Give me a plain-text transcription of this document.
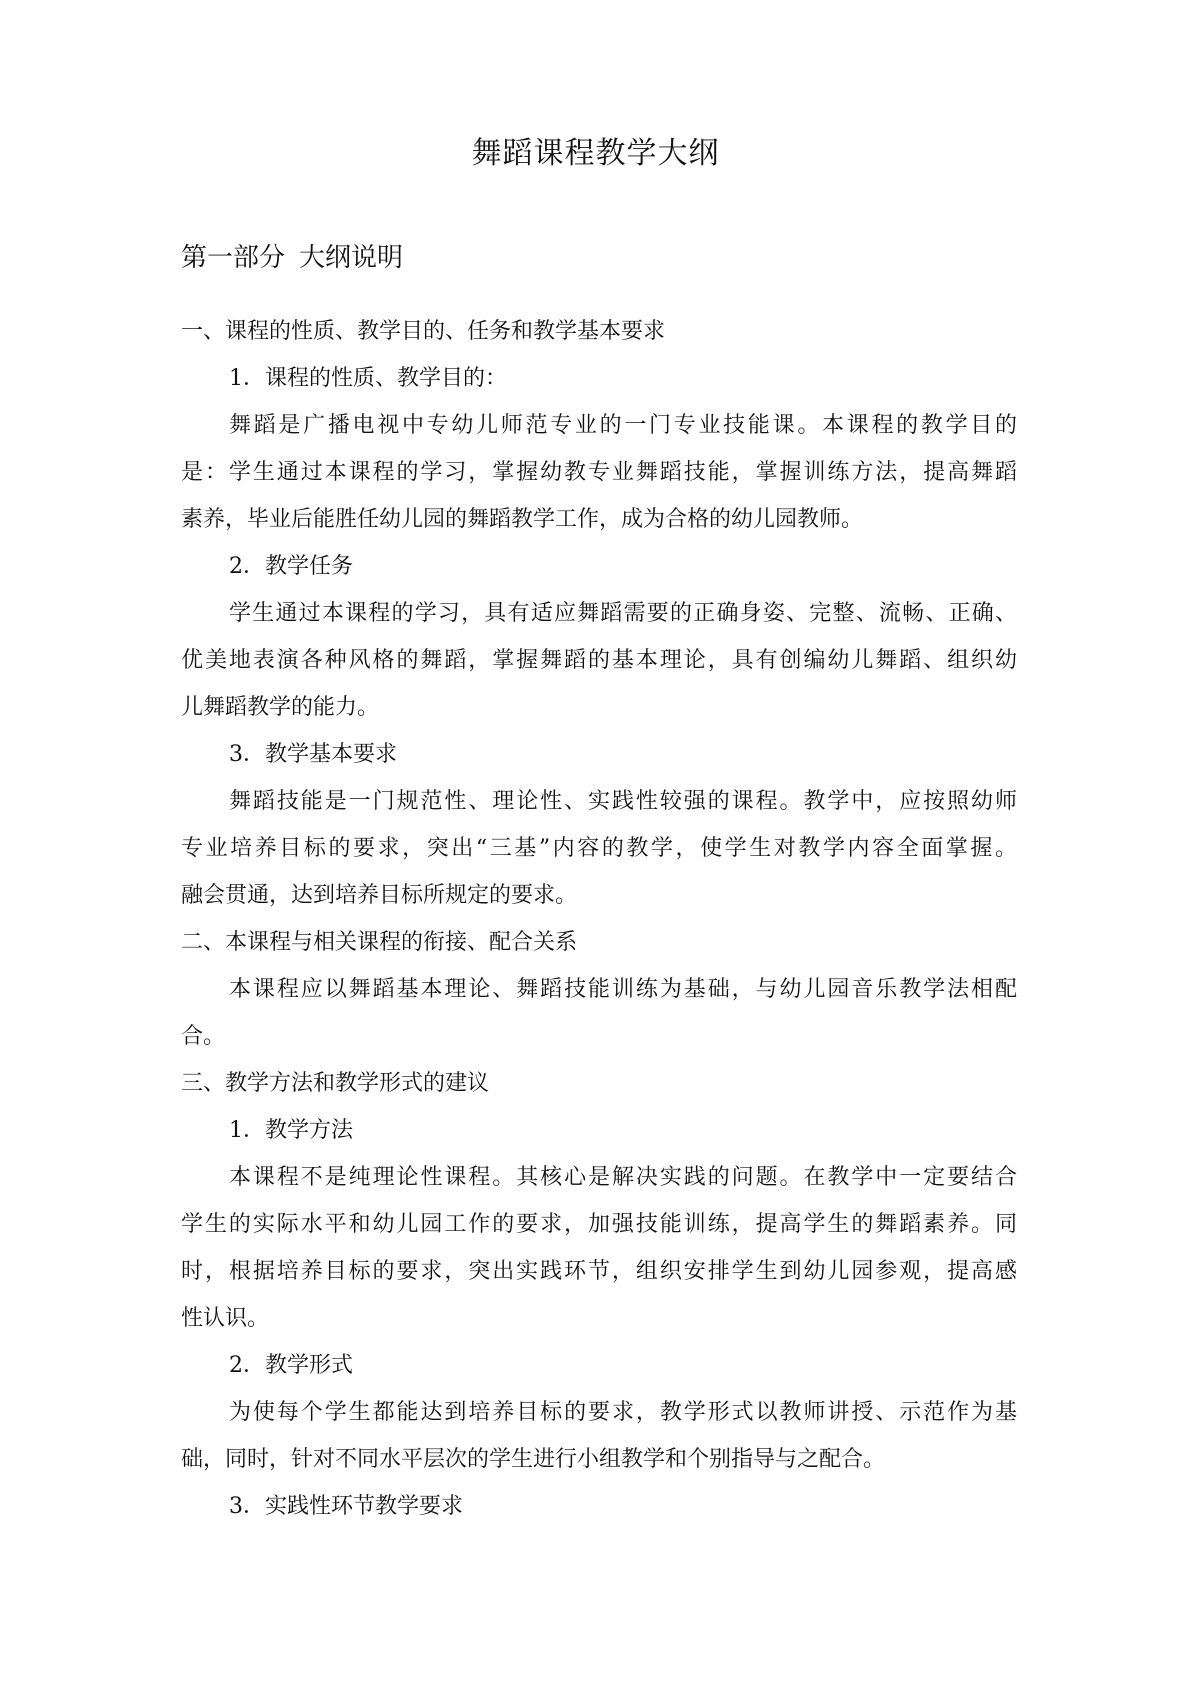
舞蹈课程教学大纲
第一部分 大纲说明
一、课程的性质、教学目的、任务和教学基本要求
1．课程的性质、教学目的：
舞蹈是广播电视中专幼儿师范专业的一门专业技能课。本课程的教学目的
是：学生通过本课程的学习，掌握幼教专业舞蹈技能，掌握训练方法，提高舞蹈
素养，毕业后能胜任幼儿园的舞蹈教学工作，成为合格的幼儿园教师。
2．教学任务
学生通过本课程的学习，具有适应舞蹈需要的正确身姿、完整、流畅、正确、
优美地表演各种风格的舞蹈，掌握舞蹈的基本理论，具有创编幼儿舞蹈、组织幼
儿舞蹈教学的能力。
3．教学基本要求
舞蹈技能是一门规范性、理论性、实践性较强的课程。教学中，应按照幼师
专业培养目标的要求，突出“三基”内容的教学，使学生对教学内容全面掌握。
融会贯通，达到培养目标所规定的要求。
二、本课程与相关课程的衔接、配合关系
本课程应以舞蹈基本理论、舞蹈技能训练为基础，与幼儿园音乐教学法相配
合。
三、教学方法和教学形式的建议
1．教学方法
本课程不是纯理论性课程。其核心是解决实践的问题。在教学中一定要结合
学生的实际水平和幼儿园工作的要求，加强技能训练，提高学生的舞蹈素养。同
时，根据培养目标的要求，突出实践环节，组织安排学生到幼儿园参观，提高感
性认识。
2．教学形式
为使每个学生都能达到培养目标的要求，教学形式以教师讲授、示范作为基
础，同时，针对不同水平层次的学生进行小组教学和个别指导与之配合。
3．实践性环节教学要求
